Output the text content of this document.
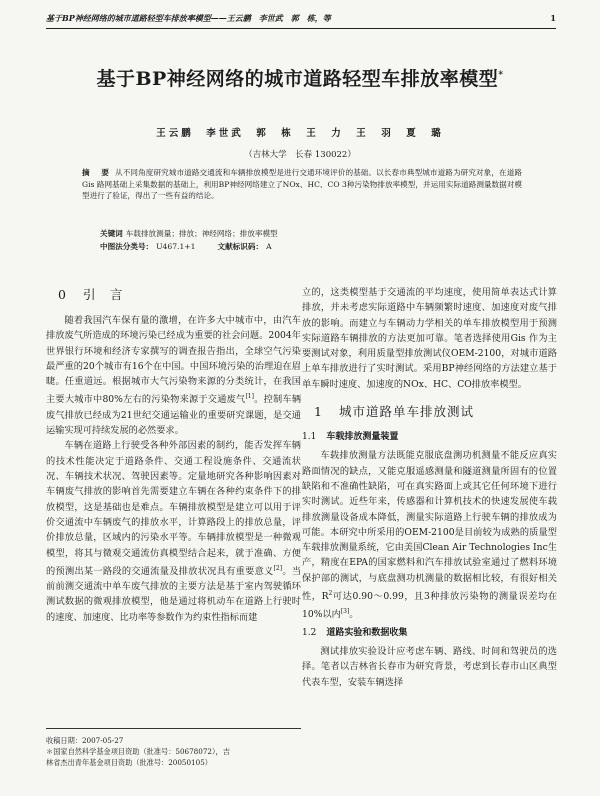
基于BP神经网络的城市道路轻型车排放率模型——王云鹏　李世武　郭　栋，等	1
基于BP神经网络的城市道路轻型车排放率模型*
王云鹏　李世武　郭　栋　王　力　王　羽　夏　璐
（吉林大学　长春 130022）
摘　要 从不同角度研究城市道路交通流和车辆排放模型是进行交通环境评价的基础。以长春市典型城市道路为研究对象，在道路Gis 路网基础上采集数据的基础上，利用BP神经网络建立了NOx、HC、CO 3种污染物排放率模型，并运用实际道路测量数据对模型进行了验证，得出了一些有益的结论。
关键词 车载排放测量；排放；神经网络；排放率模型
中图法分类号： U467.1+1	文献标识码： A
0 引　言

随着我国汽车保有量的激增，在许多大中城市中，由汽车排放废气所造成的环境污染已经成为重要的社会问题。2004年世界银行环境和经济专家撰写的调查报告指出，全球空气污染最严重的20个城市有16个在中国。中国环境污染的治理迫在眉睫。任重道远。根据城市大气污染物来源的分类统计，在我国主要大城市中80%左右的污染物来源于交通废气[1]。控制车辆废气排放已经成为21世纪交通运输业的重要研究课题，是交通运输实现可持续发展的必然要求。

车辆在道路上行驶受各种外部因素的制约，能否发挥车辆的技术性能决定于道路条件、交通工程设施条件、交通流状况、车辆技术状况、驾驶因素等。定量地研究各种影响因素对车辆废气排放的影响首先需要建立车辆在各种约束条件下的排放模型，这是基础也是难点。车辆排放模型是建立可以用于评价交通流中车辆废气的排放水平，计算路段上的排放总量，评价排放总量，区域内的污染水平等。车辆排放模型是一种微观模型，将其与微观交通流仿真模型结合起来，就于准确、方便的预测出某一路段的交通流量及排放状况具有重要意义[2]。当前前测交通流中单车废气排放的主要方法是基于室内驾驶循环测试数据的微观排放模型，他是通过将机动车在道路上行驶时的速度、加速度、比功率等参数作为约束性指标而建

立的，这类模型基于交通流的平均速度，使用简单表达式计算排放，并未考虑实际道路中车辆频繁时速度、加速度对废气排放的影响。而建立与车辆动力学相关的单车排放模型用于预测实际道路车辆排放的方法更加可靠。笔者选择使用Gis 作为主要测试对象，利用质量型排放测试仪OEM-2100，对城市道路上单车排放进行了实时测试。采用BP神经网络的方法建立基于单车瞬时速度、加速度的NOx、HC、CO排放率模型。

1 城市道路单车排放测试
1.1 车载排放测量装置

车载排放测量方法既能克服底盘测功机测量不能反应真实路面情况的缺点，又能克服遥感测量和隧道测量所固有的位置缺陷和不准确性缺陷，可在真实路面上或其它任何环境下进行实时测试。近些年来，传感器和计算机技术的快速发展使车载排放测量设备成本降低，测量实际道路上行驶车辆的排放成为可能。本研究中所采用的OEM-2100是目前较为成熟的质量型车载排放测量系统，它由美国Clean Air Technologies Inc生产，精度在EPA的国家燃料和汽车排放试验室通过了燃料环境保护部的测试，与底盘测功机测量的数据相比较，有很好相关性，$R^2$可达0.90～0.99，且3种排放污染物的测量误差均在10%以内[3]。

1.2 道路实验和数据收集

测试排放实验设计应考虑车辆、路线、时间和驾驶员的选择。笔者以吉林省长春市为研究背景，考虑到长春市山区典型代表车型，安装车辆选择

收稿日期：2007-05-27
＊国家自然科学基金项目资助（批准号：50678072），吉
林省杰出青年基金项目资助（批准号：20050105）
